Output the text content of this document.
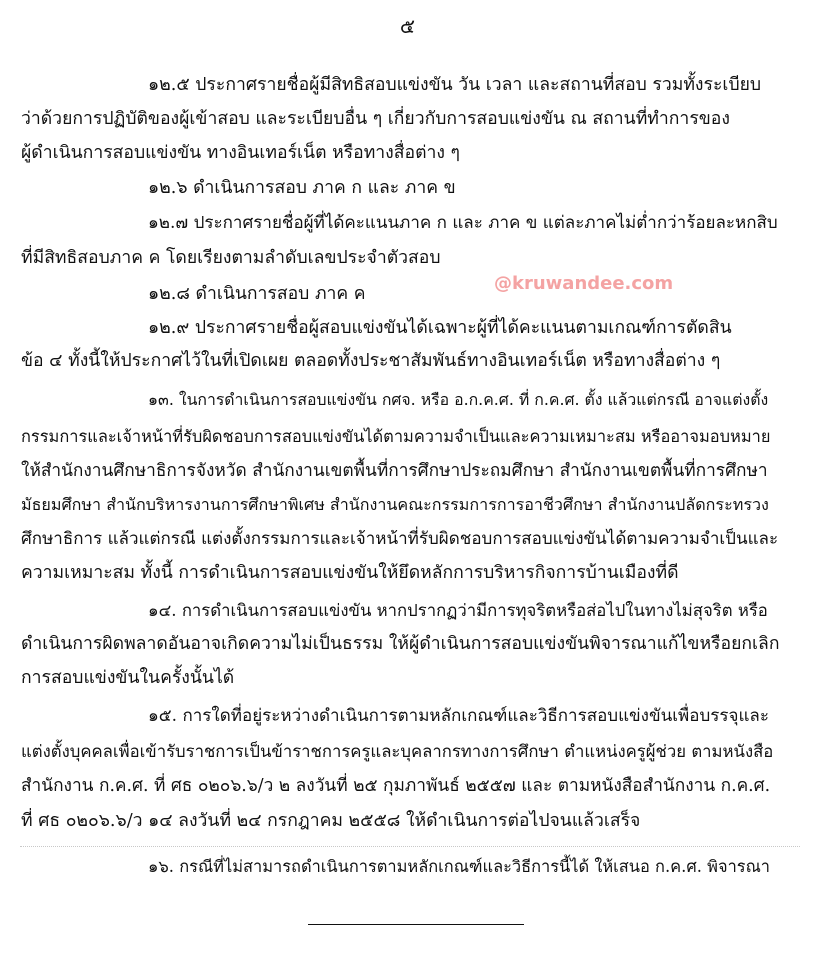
๕
๑๒.๕ ประกาศรายชื่อผู้มีสิทธิสอบแข่งขัน วัน เวลา และสถานที่สอบ รวมทั้งระเบียบ
ว่าด้วยการปฏิบัติของผู้เข้าสอบ และระเบียบอื่น ๆ เกี่ยวกับการสอบแข่งขัน ณ สถานที่ทำการของ
ผู้ดำเนินการสอบแข่งขัน ทางอินเทอร์เน็ต หรือทางสื่อต่าง ๆ
๑๒.๖ ดำเนินการสอบ ภาค ก และ ภาค ข
๑๒.๗ ประกาศรายชื่อผู้ที่ได้คะแนนภาค ก และ ภาค ข แต่ละภาคไม่ต่ำกว่าร้อยละหกสิบ
ที่มีสิทธิสอบภาค ค โดยเรียงตามลำดับเลขประจำตัวสอบ
๑๒.๘ ดำเนินการสอบ ภาค ค
๑๒.๙ ประกาศรายชื่อผู้สอบแข่งขันได้เฉพาะผู้ที่ได้คะแนนตามเกณฑ์การตัดสิน
ข้อ ๔ ทั้งนี้ให้ประกาศไว้ในที่เปิดเผย ตลอดทั้งประชาสัมพันธ์ทางอินเทอร์เน็ต หรือทางสื่อต่าง ๆ
๑๓. ในการดำเนินการสอบแข่งขัน กศจ. หรือ อ.ก.ค.ศ. ที่ ก.ค.ศ. ตั้ง แล้วแต่กรณี อาจแต่งตั้ง
กรรมการและเจ้าหน้าที่รับผิดชอบการสอบแข่งขันได้ตามความจำเป็นและความเหมาะสม หรืออาจมอบหมาย
ให้สำนักงานศึกษาธิการจังหวัด สำนักงานเขตพื้นที่การศึกษาประถมศึกษา สำนักงานเขตพื้นที่การศึกษา
มัธยมศึกษา สำนักบริหารงานการศึกษาพิเศษ สำนักงานคณะกรรมการการอาชีวศึกษา สำนักงานปลัดกระทรวง
ศึกษาธิการ แล้วแต่กรณี แต่งตั้งกรรมการและเจ้าหน้าที่รับผิดชอบการสอบแข่งขันได้ตามความจำเป็นและ
ความเหมาะสม ทั้งนี้ การดำเนินการสอบแข่งขันให้ยึดหลักการบริหารกิจการบ้านเมืองที่ดี
๑๔. การดำเนินการสอบแข่งขัน หากปรากฏว่ามีการทุจริตหรือส่อไปในทางไม่สุจริต หรือ
ดำเนินการผิดพลาดอันอาจเกิดความไม่เป็นธรรม ให้ผู้ดำเนินการสอบแข่งขันพิจารณาแก้ไขหรือยกเลิก
การสอบแข่งขันในครั้งนั้นได้
๑๕. การใดที่อยู่ระหว่างดำเนินการตามหลักเกณฑ์และวิธีการสอบแข่งขันเพื่อบรรจุและ
แต่งตั้งบุคคลเพื่อเข้ารับราชการเป็นข้าราชการครูและบุคลากรทางการศึกษา ตำแหน่งครูผู้ช่วย ตามหนังสือ
สำนักงาน ก.ค.ศ. ที่ ศธ ๐๒๐๖.๖/ว ๒ ลงวันที่ ๒๕ กุมภาพันธ์ ๒๕๕๗ และ ตามหนังสือสำนักงาน ก.ค.ศ.
ที่ ศธ ๐๒๐๖.๖/ว ๑๔ ลงวันที่ ๒๔ กรกฎาคม ๒๕๕๘ ให้ดำเนินการต่อไปจนแล้วเสร็จ
๑๖. กรณีที่ไม่สามารถดำเนินการตามหลักเกณฑ์และวิธีการนี้ได้ ให้เสนอ ก.ค.ศ. พิจารณา
@kruwandee.com
